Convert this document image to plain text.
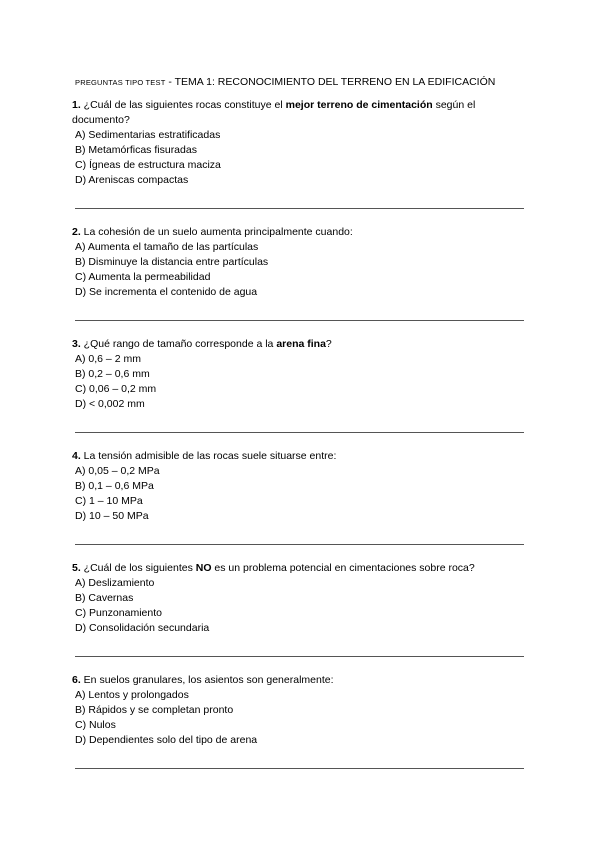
PREGUNTAS TIPO TEST - TEMA 1: RECONOCIMIENTO DEL TERRENO EN LA EDIFICACIÓN

1. ¿Cuál de las siguientes rocas constituye el mejor terreno de cimentación según el documento?

A) Sedimentarias estratificadas

B) Metamórficas fisuradas

C) Ígneas de estructura maciza

D) Areniscas compactas

2. La cohesión de un suelo aumenta principalmente cuando:

A) Aumenta el tamaño de las partículas

B) Disminuye la distancia entre partículas

C) Aumenta la permeabilidad

D) Se incrementa el contenido de agua

3. ¿Qué rango de tamaño corresponde a la arena fina?

A) 0,6 – 2 mm

B) 0,2 – 0,6 mm

C) 0,06 – 0,2 mm

D) < 0,002 mm

4. La tensión admisible de las rocas suele situarse entre:

A) 0,05 – 0,2 MPa

B) 0,1 – 0,6 MPa

C) 1 – 10 MPa

D) 10 – 50 MPa

5. ¿Cuál de los siguientes NO es un problema potencial en cimentaciones sobre roca?

A) Deslizamiento

B) Cavernas

C) Punzonamiento

D) Consolidación secundaria

6. En suelos granulares, los asientos son generalmente:

A) Lentos y prolongados

B) Rápidos y se completan pronto

C) Nulos

D) Dependientes solo del tipo de arena
